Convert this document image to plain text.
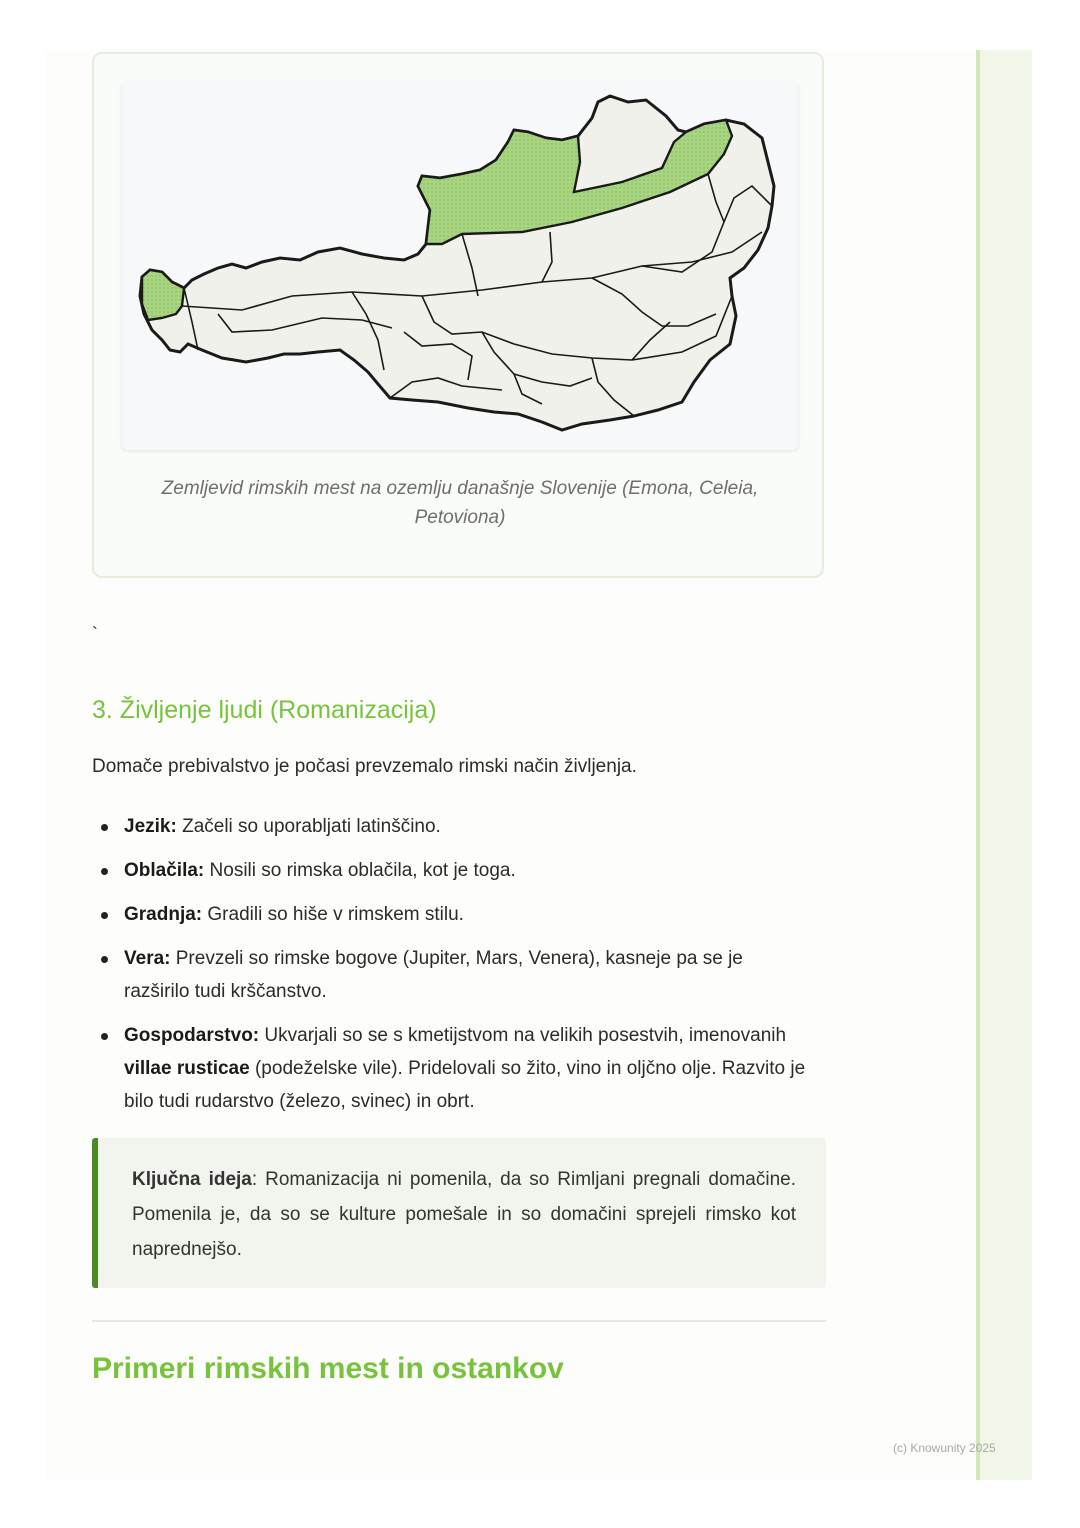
Zemljevid rimskih mest na ozemlju današnje Slovenije (Emona, Celeia, Petoviona)
`
3. Življenje ljudi (Romanizacija)

Domače prebivalstvo je počasi prevzemalo rimski način življenja.

Jezik: Začeli so uporabljati latinščino.
Oblačila: Nosili so rimska oblačila, kot je toga.
Gradnja: Gradili so hiše v rimskem stilu.
Vera: Prevzeli so rimske bogove (Jupiter, Mars, Venera), kasneje pa se je razširilo tudi krščanstvo.
Gospodarstvo: Ukvarjali so se s kmetijstvom na velikih posestvih, imenovanih villae rusticae (podeželske vile). Pridelovali so žito, vino in oljčno olje. Razvito je bilo tudi rudarstvo (železo, svinec) in obrt.

Ključna ideja: Romanizacija ni pomenila, da so Rimljani pregnali domačine. Pomenila je, da so se kulture pomešale in so domačini sprejeli rimsko kot naprednejšo.

Primeri rimskih mest in ostankov
(c) Knowunity 2025
